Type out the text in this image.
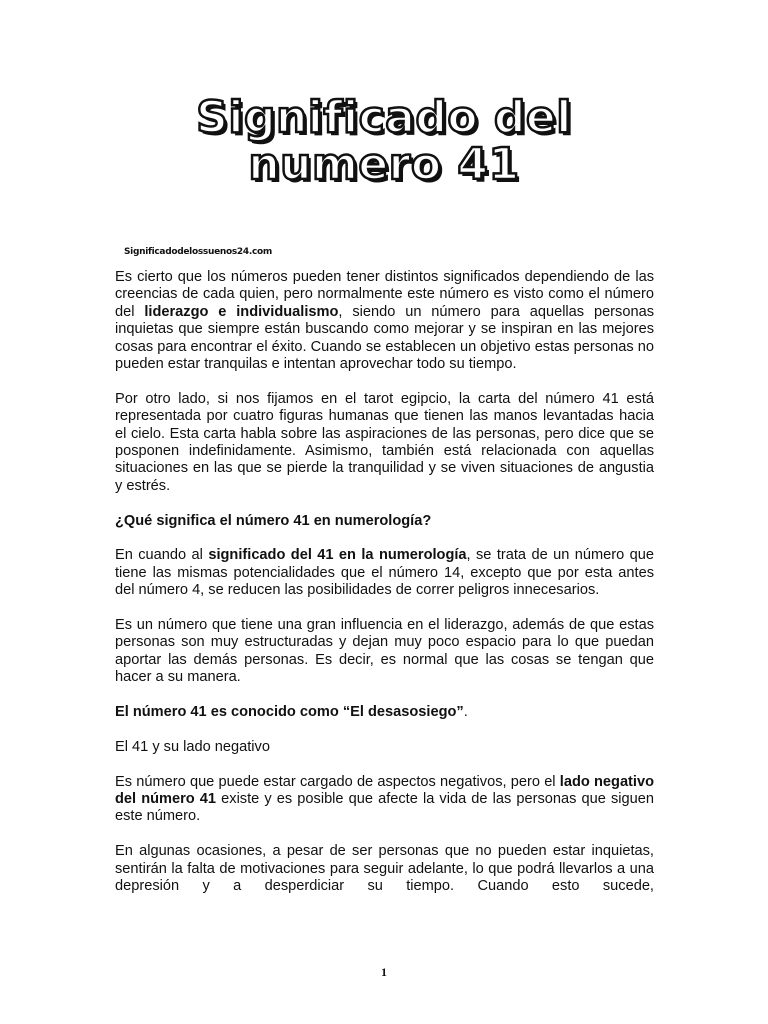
Significado del
numero 41
Significadodelossuenos24.com

Es cierto que los números pueden tener distintos significados dependiendo de las creencias de cada quien, pero normalmente este número es visto como el número del liderazgo e individualismo, siendo un número para aquellas personas inquietas que siempre están buscando como mejorar y se inspiran en las mejores cosas para encontrar el éxito. Cuando se establecen un objetivo estas personas no pueden estar tranquilas e intentan aprovechar todo su tiempo.

Por otro lado, si nos fijamos en el tarot egipcio, la carta del número 41 está representada por cuatro figuras humanas que tienen las manos levantadas hacia el cielo. Esta carta habla sobre las aspiraciones de las personas, pero dice que se posponen indefinidamente. Asimismo, también está relacionada con aquellas situaciones en las que se pierde la tranquilidad y se viven situaciones de angustia y estrés.

¿Qué significa el número 41 en numerología?

En cuando al significado del 41 en la numerología, se trata de un número que tiene las mismas potencialidades que el número 14, excepto que por esta antes del número 4, se reducen las posibilidades de correr peligros innecesarios.

Es un número que tiene una gran influencia en el liderazgo, además de que estas personas son muy estructuradas y dejan muy poco espacio para lo que puedan aportar las demás personas. Es decir, es normal que las cosas se tengan que hacer a su manera.

El número 41 es conocido como “El desasosiego”.

El 41 y su lado negativo

Es número que puede estar cargado de aspectos negativos, pero el lado negativo del número 41 existe y es posible que afecte la vida de las personas que siguen este número.

En algunas ocasiones, a pesar de ser personas que no pueden estar inquietas, sentirán la falta de motivaciones para seguir adelante, lo que podrá llevarlos a una depresión y a desperdiciar su tiempo. Cuando esto sucede,

1
